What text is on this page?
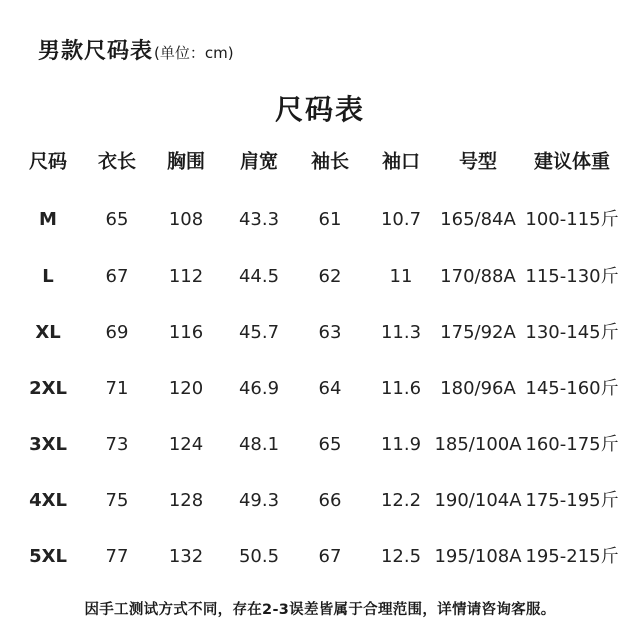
男款尺码表(单位：cm)
尺码表
尺码 衣长 胸围 肩宽 袖长 袖口 号型 建议体重
M	65 108 43.3 61 10.7 165/84A 100-115斤
L	67 112 44.5 62	11 170/88A 115-130斤
XL 69 116 45.7 63 11.3 175/92A 130-145斤
2XL 71 120 46.9 64 11.6 180/96A 145-160斤
3XL 73 124 48.1 65 11.9 185/100A 160-175斤
4XL 75 128 49.3 66 12.2 190/104A 175-195斤
5XL 77 132 50.5 67 12.5 195/108A 195-215斤
因手工测试方式不同，存在2-3误差皆属于合理范围，详情请咨询客服。
